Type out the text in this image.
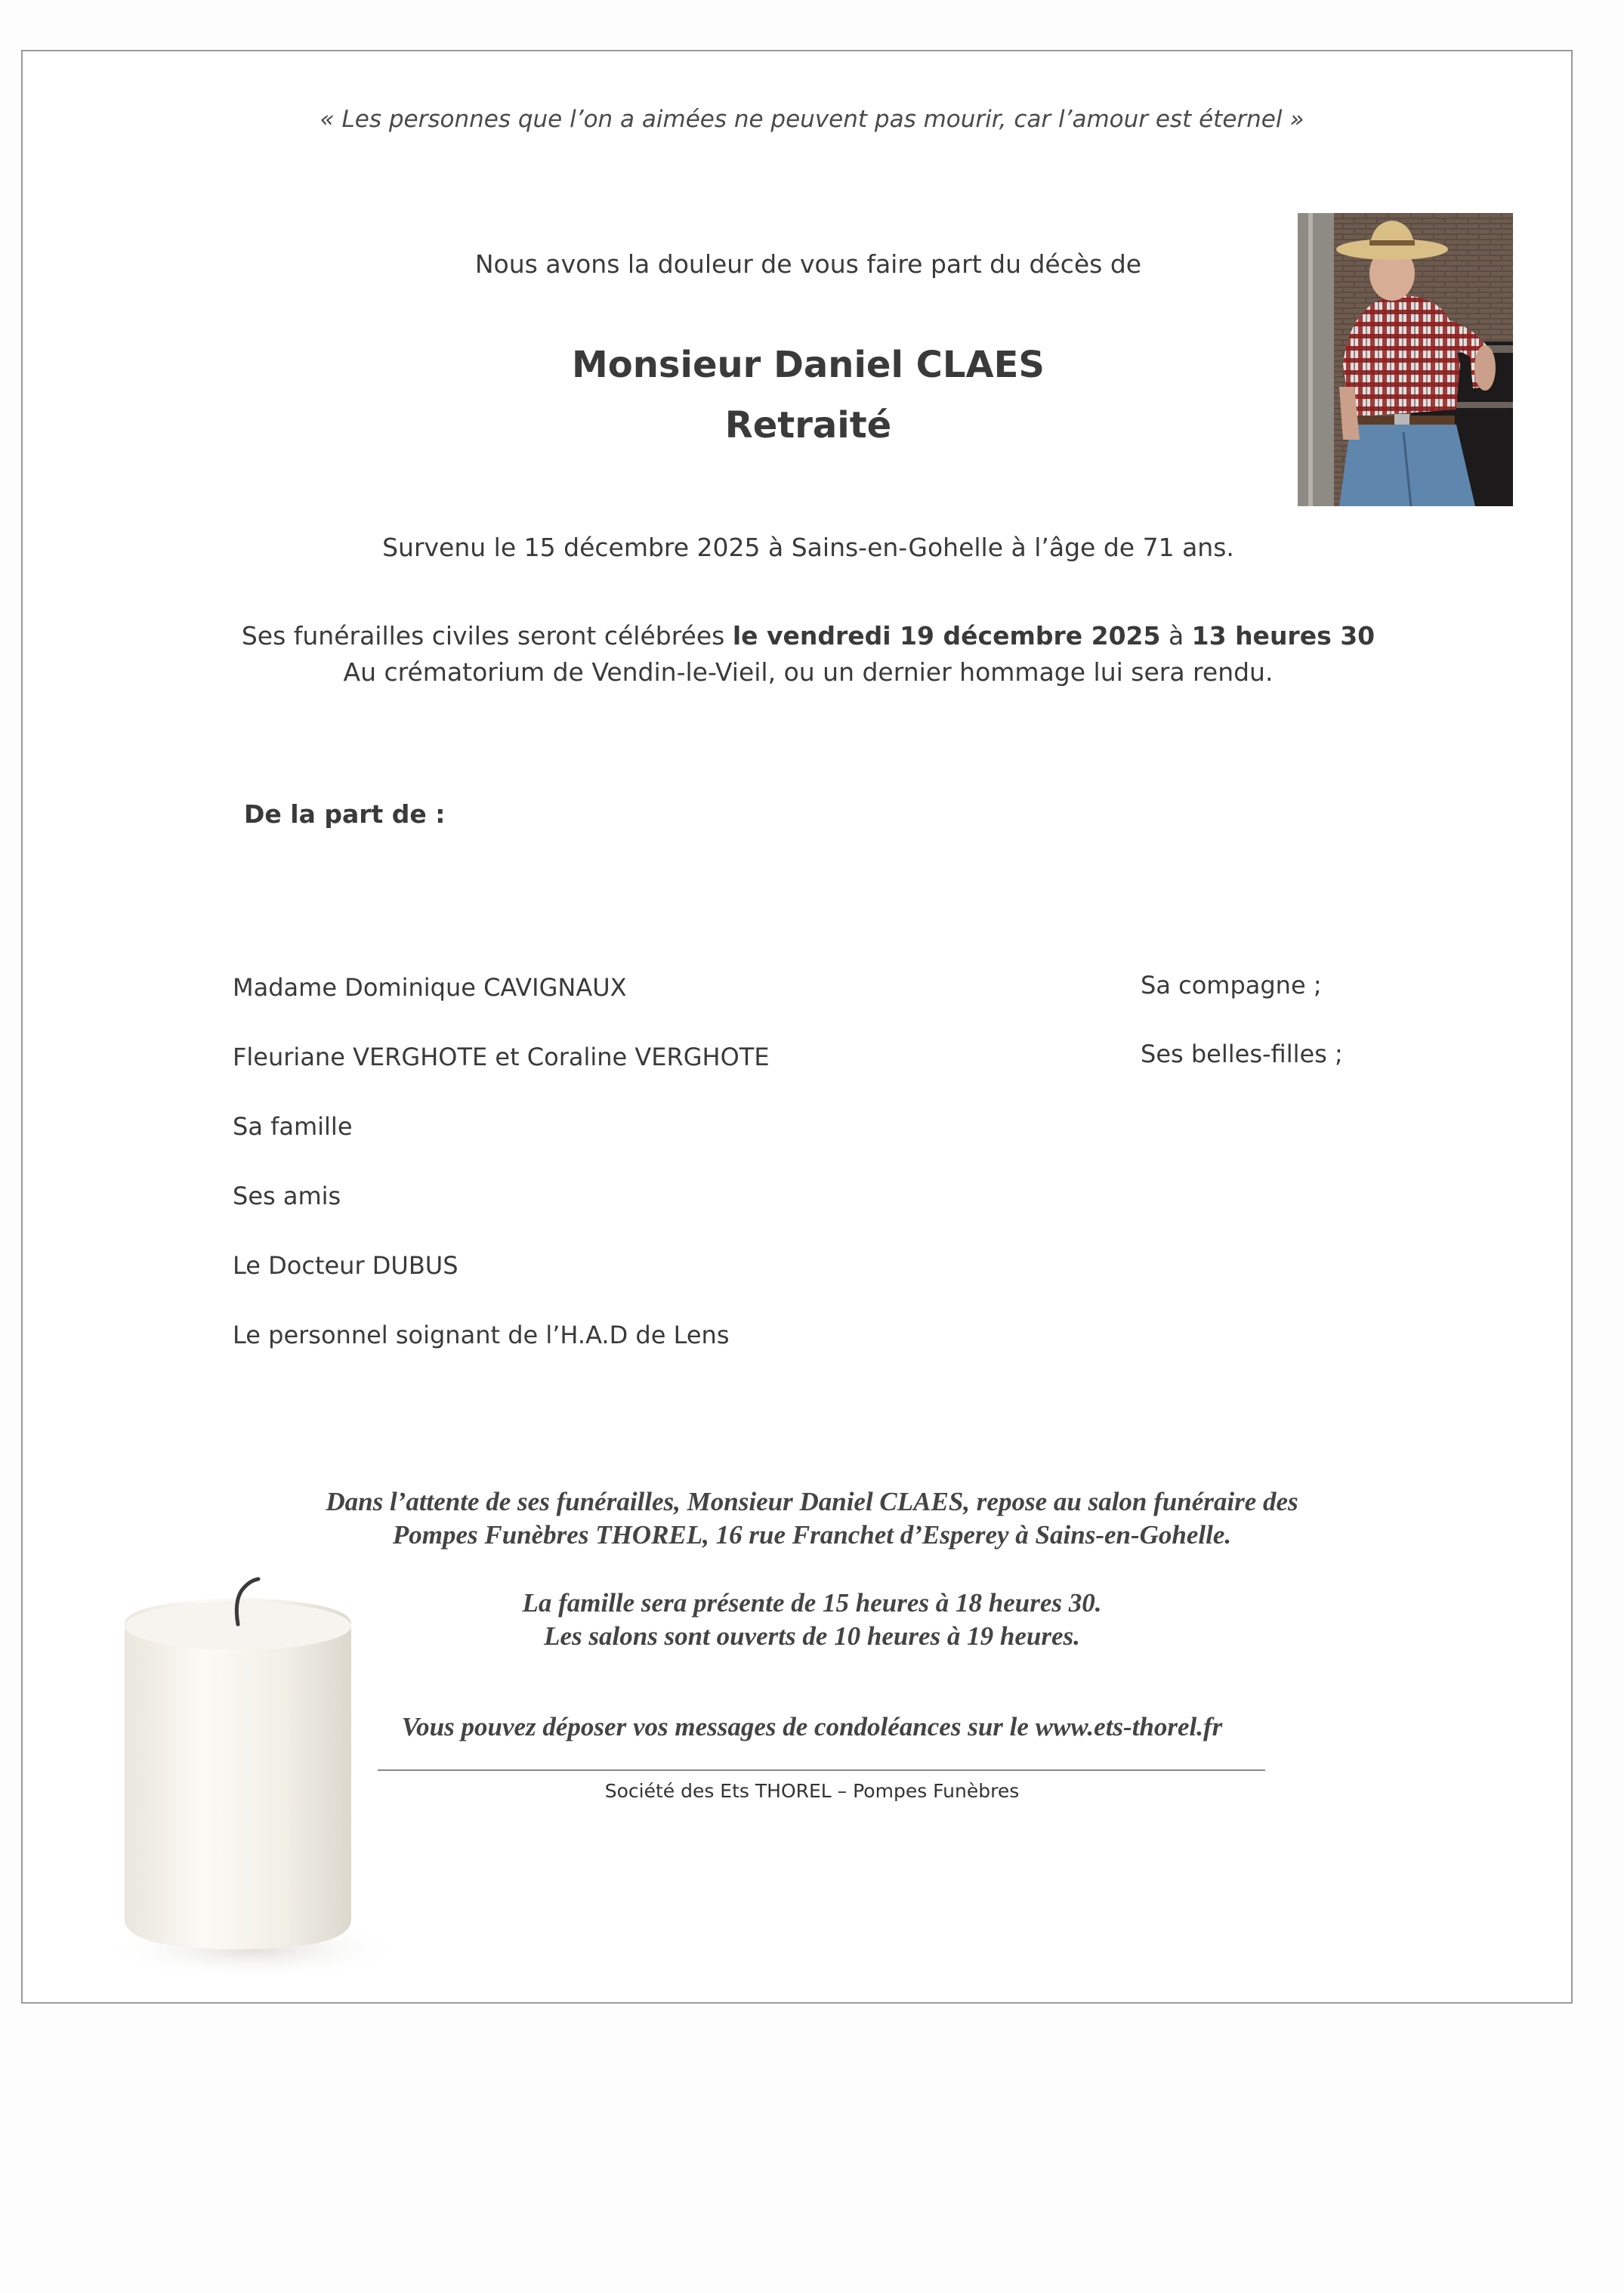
« Les personnes que l’on a aimées ne peuvent pas mourir, car l’amour est éternel »
Nous avons la douleur de vous faire part du décès de
Monsieur Daniel CLAES
Retraité
Survenu le 15 décembre 2025 à Sains-en-Gohelle à l’âge de 71 ans.
Ses funérailles civiles seront célébrées le vendredi 19 décembre 2025 à 13 heures 30
Au crématorium de Vendin-le-Vieil, ou un dernier hommage lui sera rendu.
De la part de :
Madame Dominique CAVIGNAUX	Sa compagne ;
Fleuriane VERGHOTE et Coraline VERGHOTE	Ses belles-filles ;
Sa famille
Ses amis
Le Docteur DUBUS
Le personnel soignant de l’H.A.D de Lens
Dans l’attente de ses funérailles, Monsieur Daniel CLAES, repose au salon funéraire des
Pompes Funèbres THOREL, 16 rue Franchet d’Esperey à Sains-en-Gohelle.
La famille sera présente de 15 heures à 18 heures 30.
Les salons sont ouverts de 10 heures à 19 heures.
Vous pouvez déposer vos messages de condoléances sur le www.ets-thorel.fr
Société des Ets THOREL – Pompes Funèbres
